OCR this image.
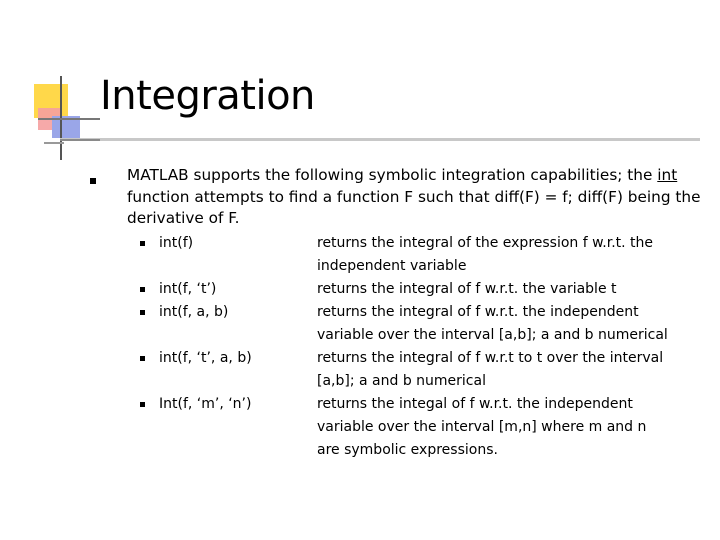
Integration
MATLAB supports the following symbolic integration capabilities; the int function attempts to find a function F such that diff(F) = f; diff(F) being the derivative of F.
int(f)	returns the integral of the expression f w.r.t. the independent variable
int(f, ‘t’)	returns the integral of f w.r.t. the variable t
int(f, a, b)	returns the integral of f w.r.t. the independent variable over the interval [a,b]; a and b numerical
int(f, ‘t’, a, b)	returns the integral of f w.r.t to t over the interval [a,b]; a and b numerical
Int(f, ‘m’, ‘n’)	returns the integal of f w.r.t. the independent variable over the interval [m,n] where m and n are symbolic expressions.
